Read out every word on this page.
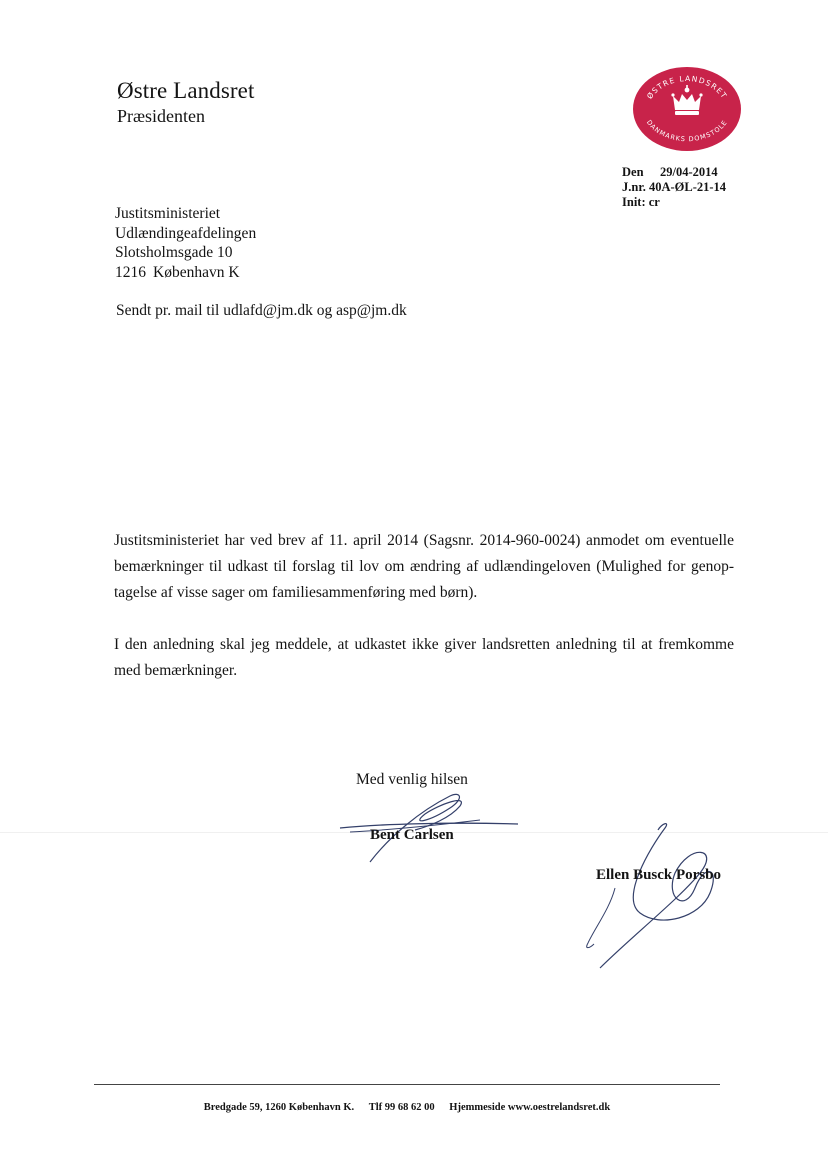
Østre Landsret
Præsidenten
ØSTRE LANDSRET
DANMARKS DOMSTOLE
Den 29/04-2014
J.nr. 40A-ØL-21-14
Init: cr
Justitsministeriet
Udlændingeafdelingen
Slotsholmsgade 10
1216 København K
Sendt pr. mail til udlafd@jm.dk og asp@jm.dk

Justitsministeriet har ved brev af 11. april 2014 (Sagsnr. 2014-960-0024) anmodet om eventuelle bemærkninger til udkast til forslag til lov om ændring af udlændingeloven (Mulighed for genoptagelse af visse sager om familiesammenføring med børn).

I den anledning skal jeg meddele, at udkastet ikke giver landsretten anledning til at fremkomme med bemærkninger.

Med venlig hilsen
Bent Carlsen
Ellen Busck Porsbo
Bredgade 59, 1260 København K. Tlf 99 68 62 00 Hjemmeside www.oestrelandsret.dk
